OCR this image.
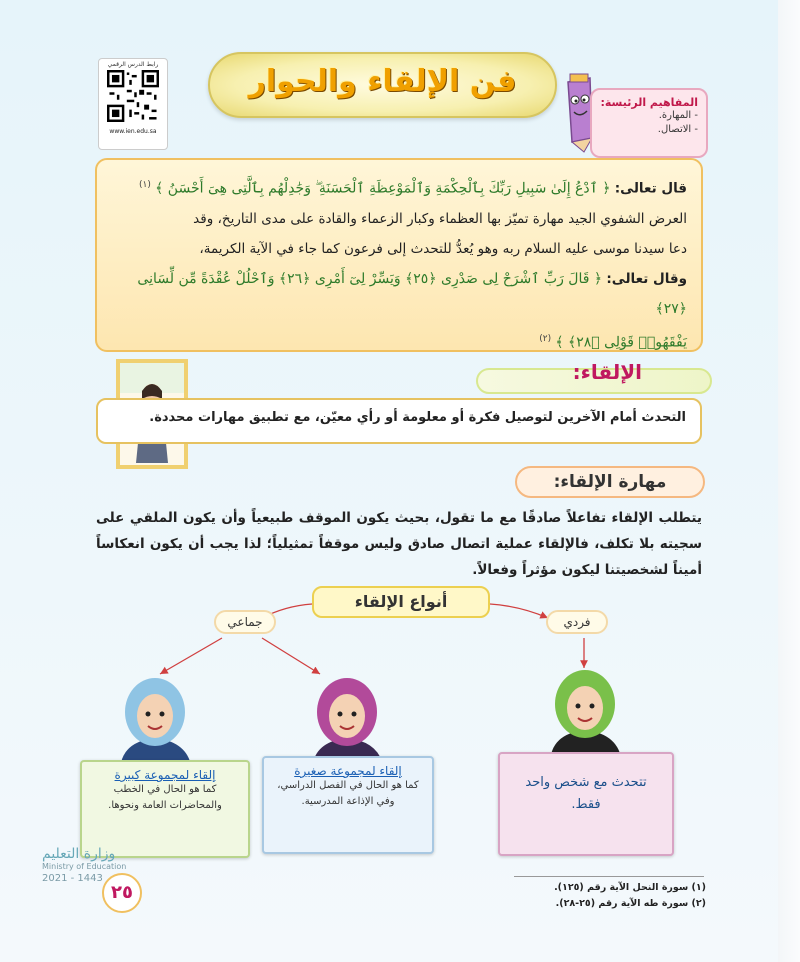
رابط الدرس الرقمي
www.ien.edu.sa
فن الإلقاء والحوار
المفاهيم الرئيسة:
- المهارة.
- الاتصال.
قال تعالى: ﴿ ٱدْعُ إِلَىٰ سَبِيلِ رَبِّكَ بِٱلْحِكْمَةِ وَٱلْمَوْعِظَةِ ٱلْحَسَنَةِ ۖ وَجَٰدِلْهُم بِٱلَّتِى هِىَ أَحْسَنُ ﴾ $^{(١)}$
العرض الشفوي الجيد مهارة تميّز بها العظماء وكبار الزعماء والقادة على مدى التاريخ، وقد
دعا سيدنا موسى عليه السلام ربه وهو يُعدُّ للتحدث إلى فرعون كما جاء في الآية الكريمة،
وقال تعالى: ﴿ قَالَ رَبِّ ٱشْرَحْ لِى صَدْرِى ﴿٢٥﴾ وَيَسِّرْ لِىٓ أَمْرِى ﴿٢٦﴾ وَٱحْلُلْ عُقْدَةً مِّن لِّسَانِى ﴿٢٧﴾
يَفْقَهُوا۟ قَوْلِى ﴿٢٨﴾ ﴾ $^{(٢)}$
الإلقاء:
التحدث أمام الآخرين لتوصيل فكرة أو معلومة أو رأي معيّن، مع تطبيق مهارات محددة.
مهارة الإلقاء:
يتطلب الإلقاء تفاعلاً صادقًا مع ما تقول، بحيث يكون الموقف طبيعياً وأن يكون الملقي على سجيته بلا تكلف، فالإلقاء عملية اتصال صادق وليس موقفاً تمثيلياً؛ لذا يجب أن يكون انعكاساً أميناً لشخصيتنا ليكون مؤثراً وفعالاً.
أنواع الإلقاء
جماعي	فردي
إلقاء لمجموعة كبيرة
كما هو الحال في الخطب والمحاضرات العامة ونحوها.
إلقاء لمجموعة صغيرة
كما هو الحال في الفصل الدراسي، وفي الإذاعة المدرسية.
تتحدث مع شخص واحد فقط.
وزارة التعليم
Ministry of Education
2021 - 1443
٢٥	(١) سورة النحل الآية رقم (١٢٥).
(٢) سورة طه الآية رقم (٢٥-٢٨).
